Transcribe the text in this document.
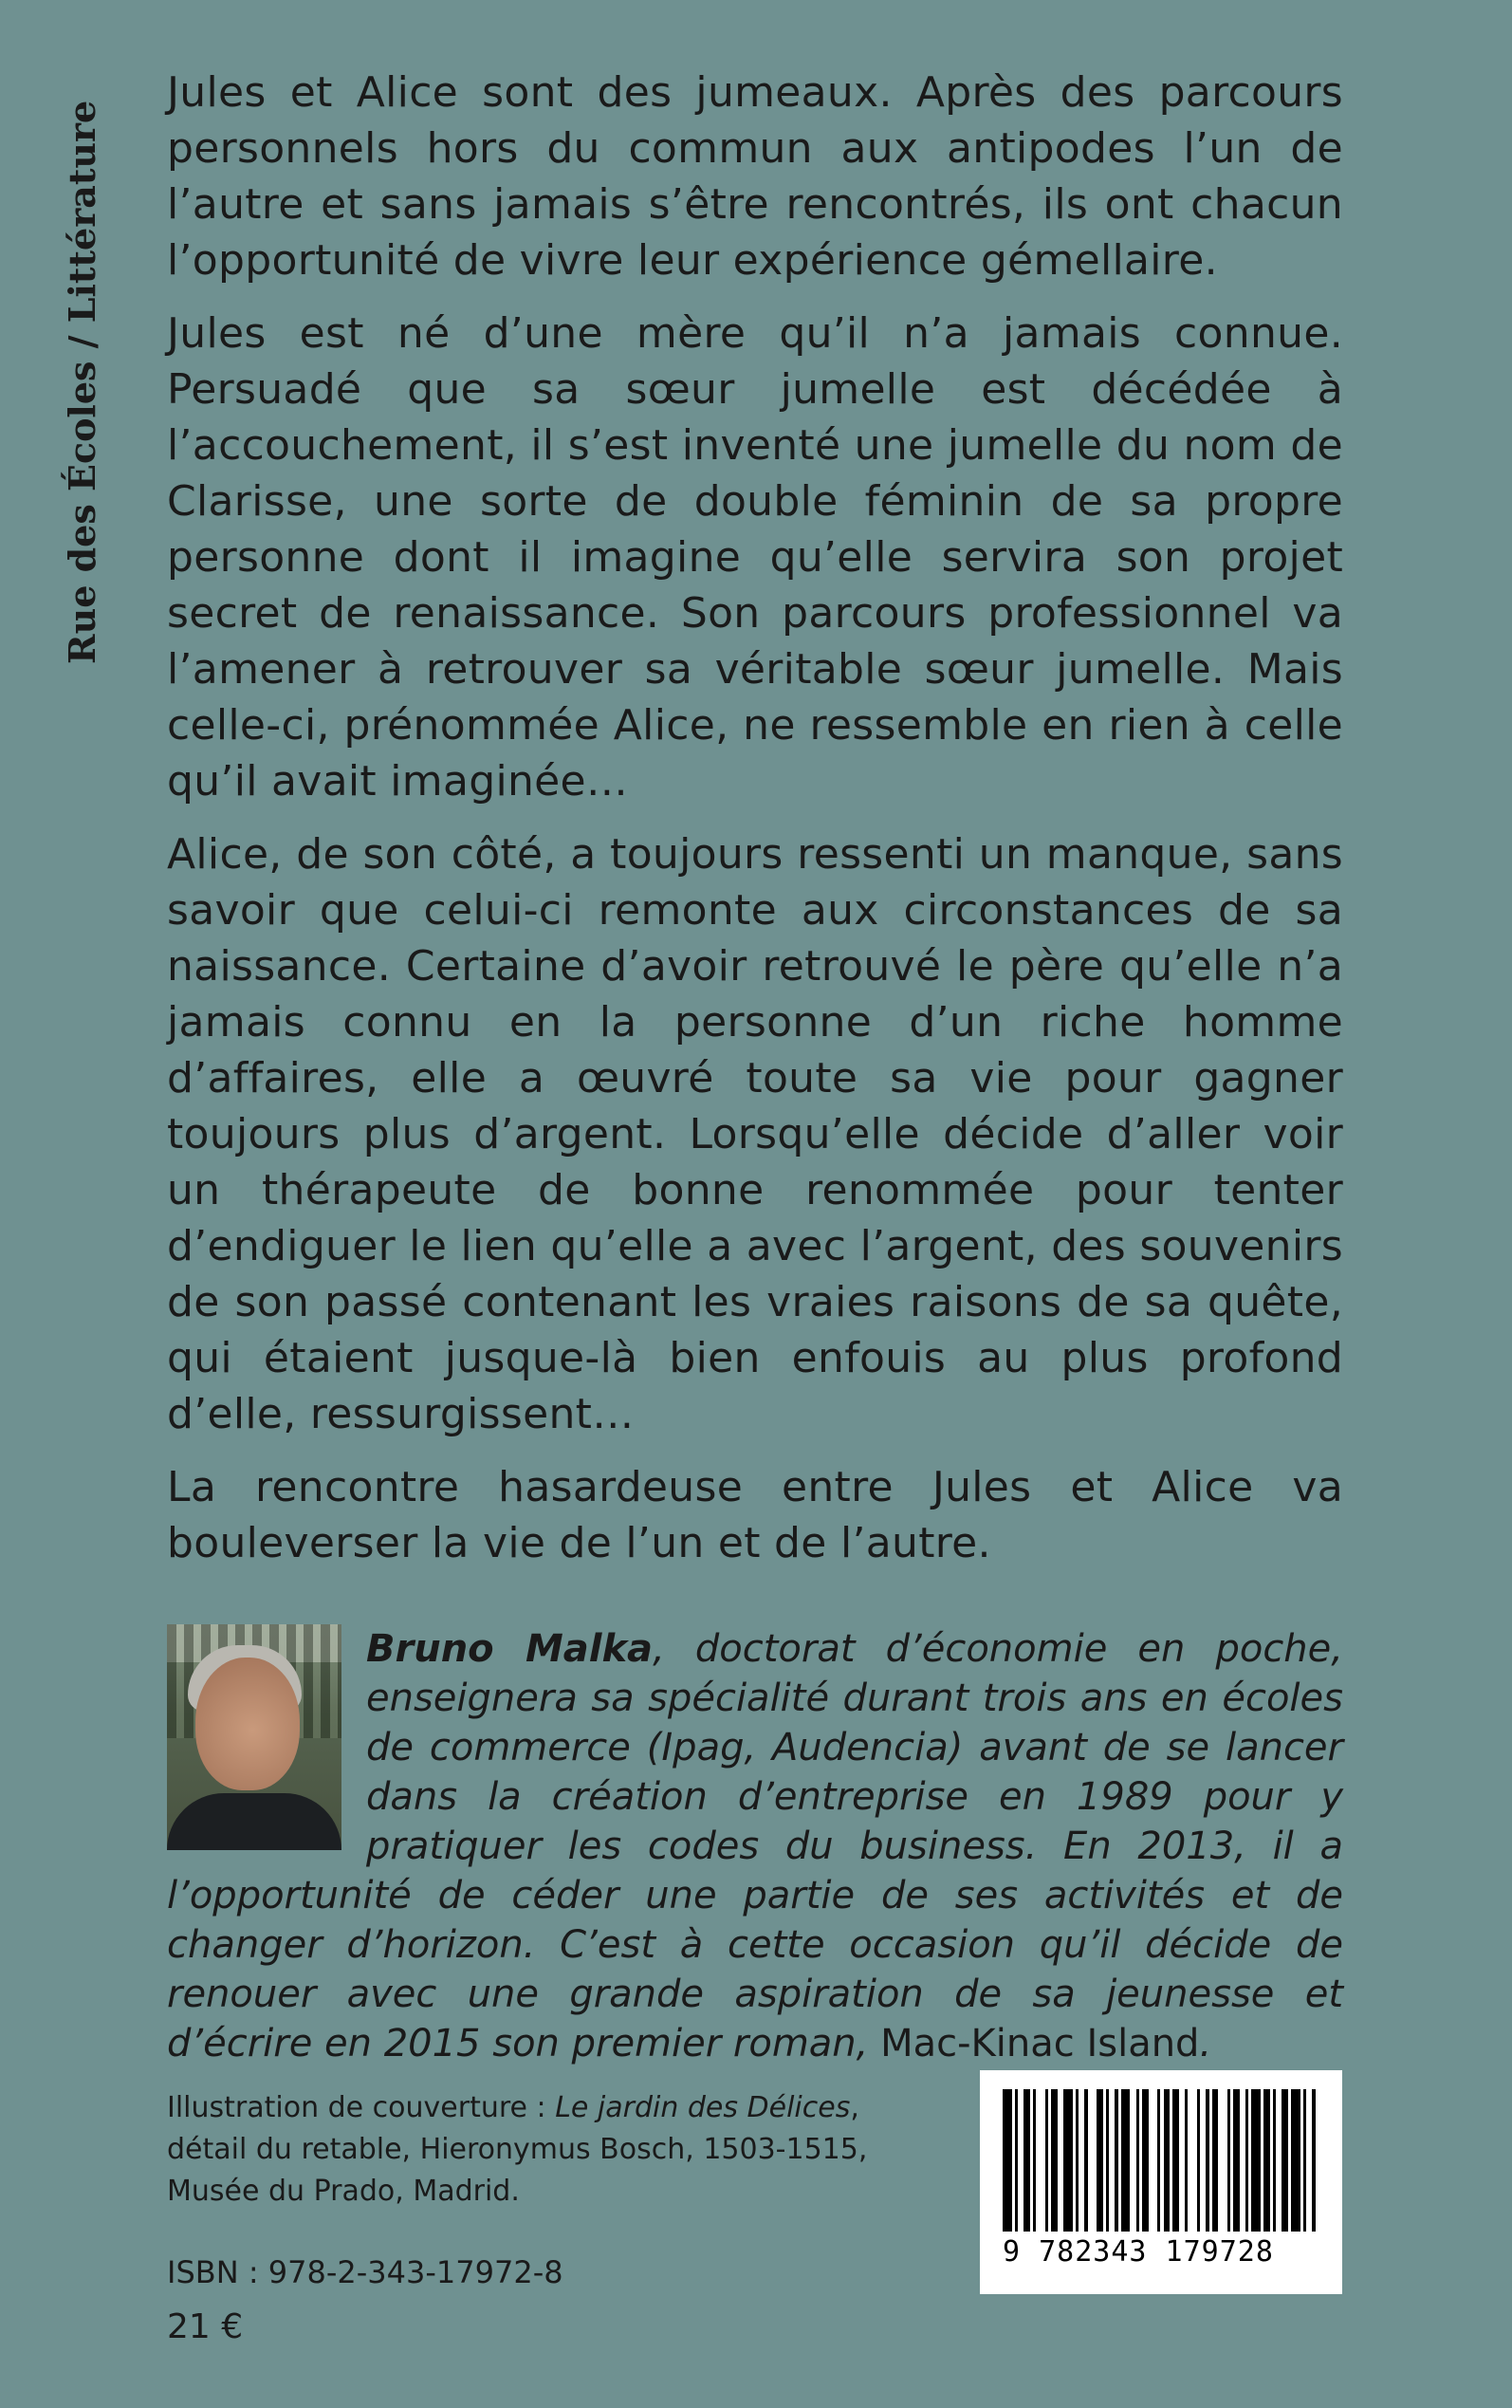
Rue des Écoles / Littérature

Jules et Alice sont des jumeaux. Après des parcours personnels hors du commun aux antipodes l’un de l’autre et sans jamais s’être rencontrés, ils ont chacun l’opportunité de vivre leur expérience gémellaire.

Jules est né d’une mère qu’il n’a jamais connue. Persuadé que sa sœur jumelle est décédée à l’accouchement, il s’est inventé une jumelle du nom de Clarisse, une sorte de double féminin de sa propre personne dont il imagine qu’elle servira son projet secret de renaissance. Son parcours professionnel va l’amener à retrouver sa véritable sœur jumelle. Mais celle-ci, prénommée Alice, ne ressemble en rien à celle qu’il avait imaginée…

Alice, de son côté, a toujours ressenti un manque, sans savoir que celui-ci remonte aux circonstances de sa naissance. Certaine d’avoir retrouvé le père qu’elle n’a jamais connu en la personne d’un riche homme d’affaires, elle a œuvré toute sa vie pour gagner toujours plus d’argent. Lorsqu’elle décide d’aller voir un thérapeute de bonne renommée pour tenter d’endiguer le lien qu’elle a avec l’argent, des souvenirs de son passé contenant les vraies raisons de sa quête, qui étaient jusque-là bien enfouis au plus profond d’elle, ressurgissent…

La rencontre hasardeuse entre Jules et Alice va bouleverser la vie de l’un et de l’autre.

Bruno Malka, doctorat d’économie en poche, enseignera sa spécialité durant trois ans en écoles de commerce (Ipag, Audencia) avant de se lancer dans la création d’entreprise en 1989 pour y pratiquer les codes du business. En 2013, il a l’opportunité de céder une partie de ses activités et de changer d’horizon. C’est à cette occasion qu’il décide de renouer avec une grande aspiration de sa jeunesse et d’écrire en 2015 son premier roman, Mac-Kinac Island.

Illustration de couverture : Le jardin des Délices, détail du retable, Hieronymus Bosch, 1503-1515, Musée du Prado, Madrid.
ISBN : 978-2-343-17972-8
21 €
9 782343 179728
